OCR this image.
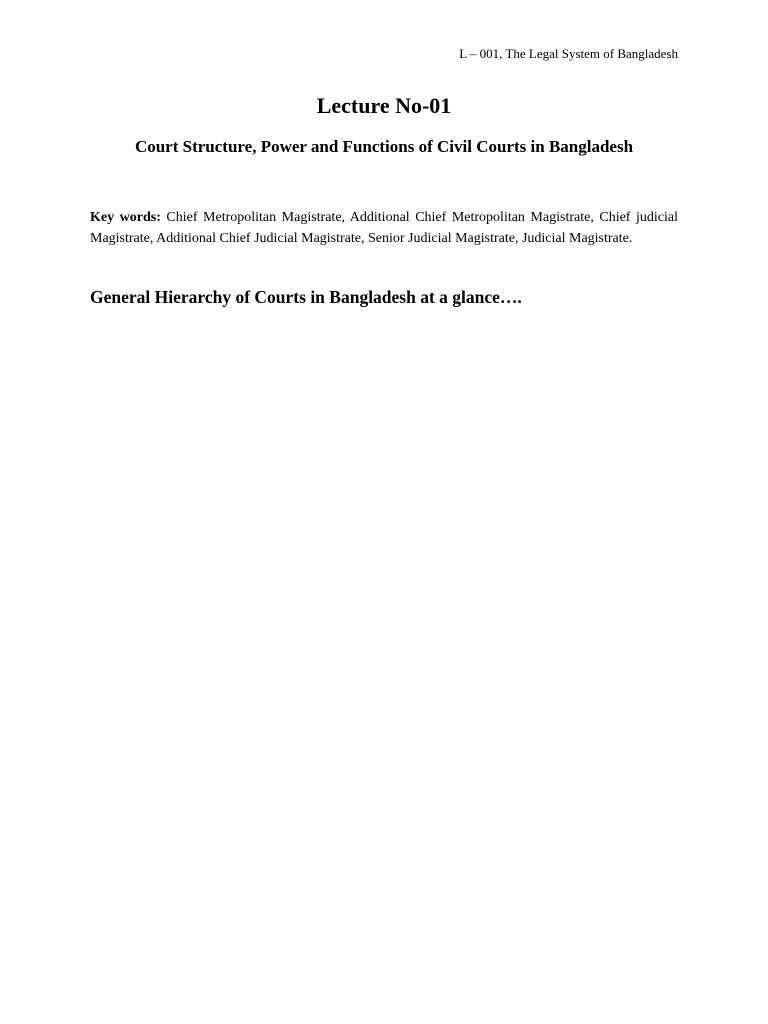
L – 001, The Legal System of Bangladesh
Lecture No-01
Court Structure, Power and Functions of Civil Courts in Bangladesh

Key words: Chief Metropolitan Magistrate, Additional Chief Metropolitan Magistrate, Chief judicial Magistrate, Additional Chief Judicial Magistrate, Senior Judicial Magistrate, Judicial Magistrate.

General Hierarchy of Courts in Bangladesh at a glance….
